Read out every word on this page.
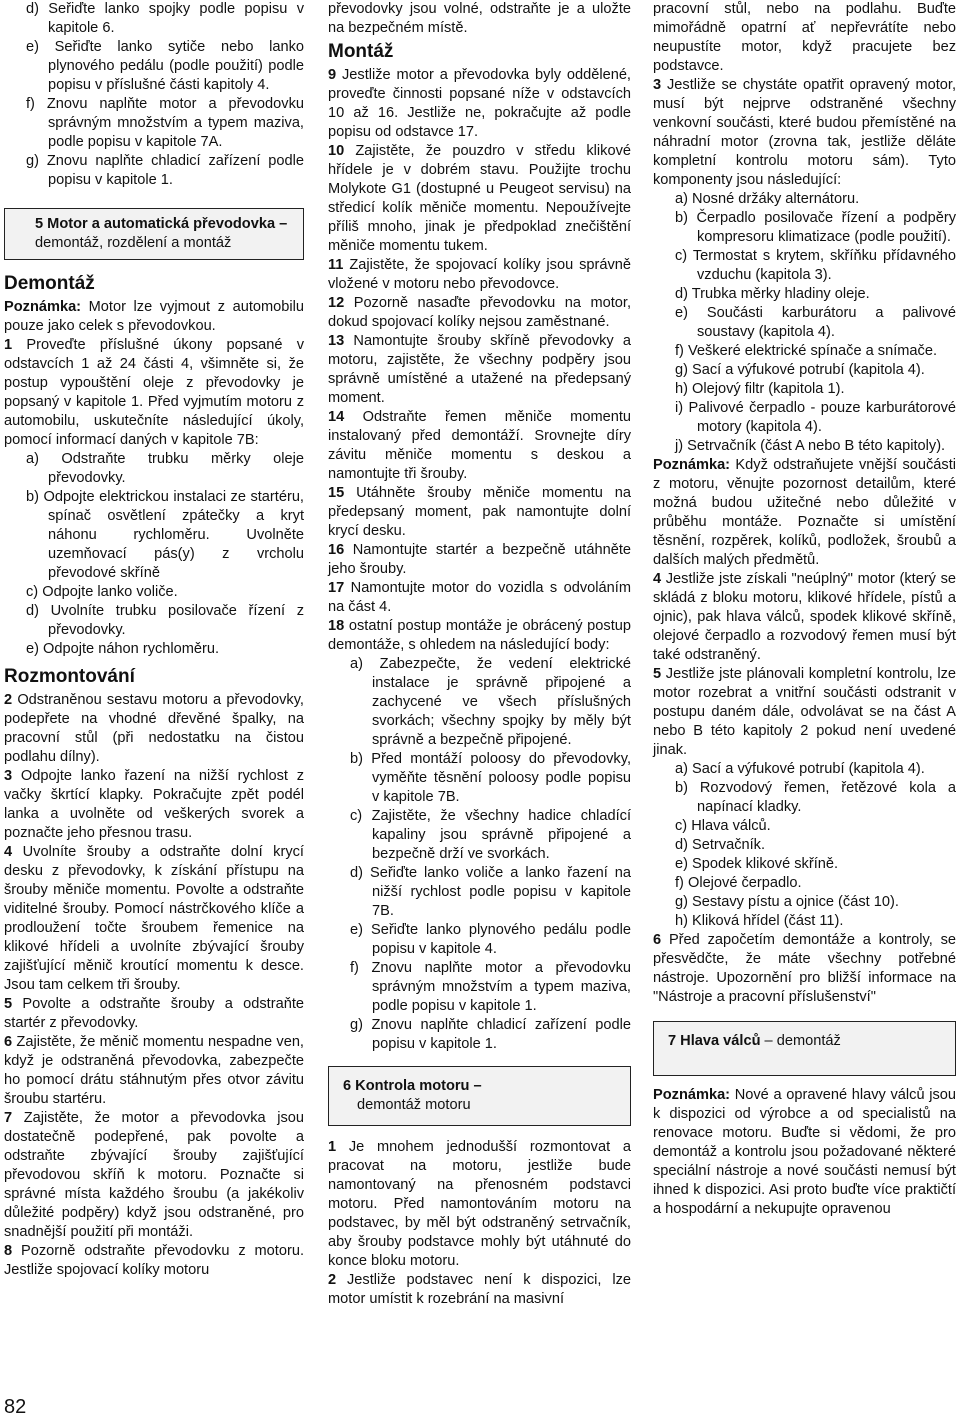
d) Seřiďte lanko spojky podle popisu v kapitole 6.

e) Seřiďte lanko sytiče nebo lanko plynového pedálu (podle použití) podle popisu v příslušné části kapitoly 4.

f) Znovu naplňte motor a převodovku správným množstvím a typem maziva, podle popisu v kapitole 7A.

g) Znovu naplňte chladicí zařízení podle popisu v kapitole 1.

5 Motor a automatická převodovka –
demontáž, rozdělení a montáž
Demontáž

Poznámka: Motor lze vyjmout z automobilu pouze jako celek s převodovkou.

1 Proveďte příslušné úkony popsané v odstavcích 1 až 24 části 4, všimněte si, že postup vypouštění oleje z převodovky je popsaný v kapitole 1. Před vyjmutím motoru z automobilu, uskutečníte následující úkoly, pomocí informací daných v kapitole 7B:

a) Odstraňte trubku měrky oleje převodovky.

b) Odpojte elektrickou instalaci ze startéru, spínač osvětlení zpátečky a kryt náhonu rychloměru. Uvolněte uzemňovací pás(y) z vrcholu převodové skříně

c) Odpojte lanko voliče.

d) Uvolníte trubku posilovače řízení z převodovky.

e) Odpojte náhon rychloměru.

Rozmontování

2 Odstraněnou sestavu motoru a převodovky, podepřete na vhodné dřevěné špalky, na pracovní stůl (při nedostatku na čistou podlahu dílny).

3 Odpojte lanko řazení na nižší rychlost z vačky škrtící klapky. Pokračujte zpět podél lanka a uvolněte od veškerých svorek a poznačte jeho přesnou trasu.

4 Uvolníte šrouby a odstraňte dolní krycí desku z převodovky, k získání přístupu na šrouby měniče momentu. Povolte a odstraňte viditelné šrouby. Pomocí nástrčkového klíče a prodloužení točte šroubem řemenice na klikové hřídeli a uvolníte zbývající šrouby zajišťující měnič kroutící momentu k desce. Jsou tam celkem tři šrouby.

5 Povolte a odstraňte šrouby a odstraňte startér z převodovky.

6 Zajistěte, že měnič momentu nespadne ven, když je odstraněná převodovka, zabezpečte ho pomocí drátu stáhnutým přes otvor závitu šroubu startéru.

7 Zajistěte, že motor a převodovka jsou dostatečně podepřené, pak povolte a odstraňte zbývající šrouby zajišťující převodovou skříň k motoru. Poznačte si správné místa každého šroubu (a jakékoliv důležité podpěry) když jsou odstraněné, pro snadnější použití při montáži.

8 Pozorně odstraňte převodovku z motoru. Jestliže spojovací kolíky motoru

převodovky jsou volné, odstraňte je a uložte na bezpečném místě.

Montáž

9 Jestliže motor a převodovka byly oddělené, proveďte činnosti popsané níže v odstavcích 10 až 16. Jestliže ne, pokračujte až podle popisu od odstavce 17.

10 Zajistěte, že pouzdro v středu klikové hřídele je v dobrém stavu. Použijte trochu Molykote G1 (dostupné u Peugeot servisu) na středicí kolík měniče momentu. Nepoužívejte příliš mnoho, jinak je předpoklad znečištění měniče momentu tukem.

11 Zajistěte, že spojovací kolíky jsou správně vložené v motoru nebo převodovce.

12 Pozorně nasaďte převodovku na motor, dokud spojovací kolíky nejsou zaměstnané.

13 Namontujte šrouby skříně převodovky a motoru, zajistěte, že všechny podpěry jsou správně umístěné a utažené na předepsaný moment.

14 Odstraňte řemen měniče momentu instalovaný před demontáží. Srovnejte díry závitu měniče momentu s deskou a namontujte tři šrouby.

15 Utáhněte šrouby měniče momentu na předepsaný moment, pak namontujte dolní krycí desku.

16 Namontujte startér a bezpečně utáhněte jeho šrouby.

17 Namontujte motor do vozidla s odvoláním na část 4.

18 ostatní postup montáže je obrácený postup demontáže, s ohledem na následující body:

a) Zabezpečte, že vedení elektrické instalace je správně připojené a zachycené ve všech příslušných svorkách; všechny spojky by měly být správně a bezpečně připojené.

b) Před montáží poloosy do převodovky, vyměňte těsnění poloosy podle popisu v kapitole 7B.

c) Zajistěte, že všechny hadice chladící kapaliny jsou správně připojené a bezpečně drží ve svorkách.

d) Seřiďte lanko voliče a lanko řazení na nižší rychlost podle popisu v kapitole 7B.

e) Seřiďte lanko plynového pedálu podle popisu v kapitole 4.

f) Znovu naplňte motor a převodovku správným množstvím a typem maziva, podle popisu v kapitole 1.

g) Znovu naplňte chladicí zařízení podle popisu v kapitole 1.

6 Kontrola motoru –
demontáž motoru

1 Je mnohem jednodušší rozmontovat a pracovat na motoru, jestliže bude namontovaný na přenosném podstavci motoru. Před namontováním motoru na podstavec, by měl být odstraněný setrvačník, aby šrouby podstavce mohly být utáhnuté do konce bloku motoru.

2 Jestliže podstavec není k dispozici, lze motor umístit k rozebrání na masivní

pracovní stůl, nebo na podlahu. Buďte mimořádně opatrní ať nepřevrátíte nebo neupustíte motor, když pracujete bez podstavce.

3 Jestliže se chystáte opatřit opravený motor, musí být nejprve odstraněné všechny venkovní součásti, které budou přemístěné na náhradní motor (zrovna tak, jestliže děláte kompletní kontrolu motoru sám). Tyto komponenty jsou následující:

a) Nosné držáky alternátoru.

b) Čerpadlo posilovače řízení a podpěry kompresoru klimatizace (podle použití).

c) Termostat s krytem, skříňku přídavného vzduchu (kapitola 3).

d) Trubka měrky hladiny oleje.

e) Součásti karburátoru a palivové soustavy (kapitola 4).

f) Veškeré elektrické spínače a snímače.

g) Sací a výfukové potrubí (kapitola 4).

h) Olejový filtr (kapitola 1).

i) Palivové čerpadlo - pouze karburátorové motory (kapitola 4).

j) Setrvačník (část A nebo B této kapitoly).

Poznámka: Když odstraňujete vnější součásti z motoru, věnujte pozornost detailům, které možná budou užitečné nebo důležité v průběhu montáže. Poznačte si umístění těsnění, rozpěrek, kolíků, podložek, šroubů a dalších malých předmětů.

4 Jestliže jste získali "neúplný" motor (který se skládá z bloku motoru, klikové hřídele, pístů a ojnic), pak hlava válců, spodek klikové skříně, olejové čerpadlo a rozvodový řemen musí být také odstraněný.

5 Jestliže jste plánovali kompletní kontrolu, lze motor rozebrat a vnitřní součásti odstranit v postupu daném dále, odvolávat se na část A nebo B této kapitoly 2 pokud není uvedené jinak.

a) Sací a výfukové potrubí (kapitola 4).

b) Rozvodový řemen, řetězové kola a napínací kladky.

c) Hlava válců.

d) Setrvačník.

e) Spodek klikové skříně.

f) Olejové čerpadlo.

g) Sestavy pístu a ojnice (část 10).

h) Kliková hřídel (část 11).

6 Před započetím demontáže a kontroly, se přesvědčte, že máte všechny potřebné nástroje. Upozornění pro bližší informace na "Nástroje a pracovní příslušenství"

7 Hlava válců – demontáž

Poznámka: Nové a opravené hlavy válců jsou k dispozici od výrobce a od specialistů na renovace motoru. Buďte si vědomi, že pro demontáž a kontrolu jsou požadované některé speciální nástroje a nové součásti nemusí být ihned k dispozici. Asi proto buďte více praktičtí a hospodární a nekupujte opravenou

82
